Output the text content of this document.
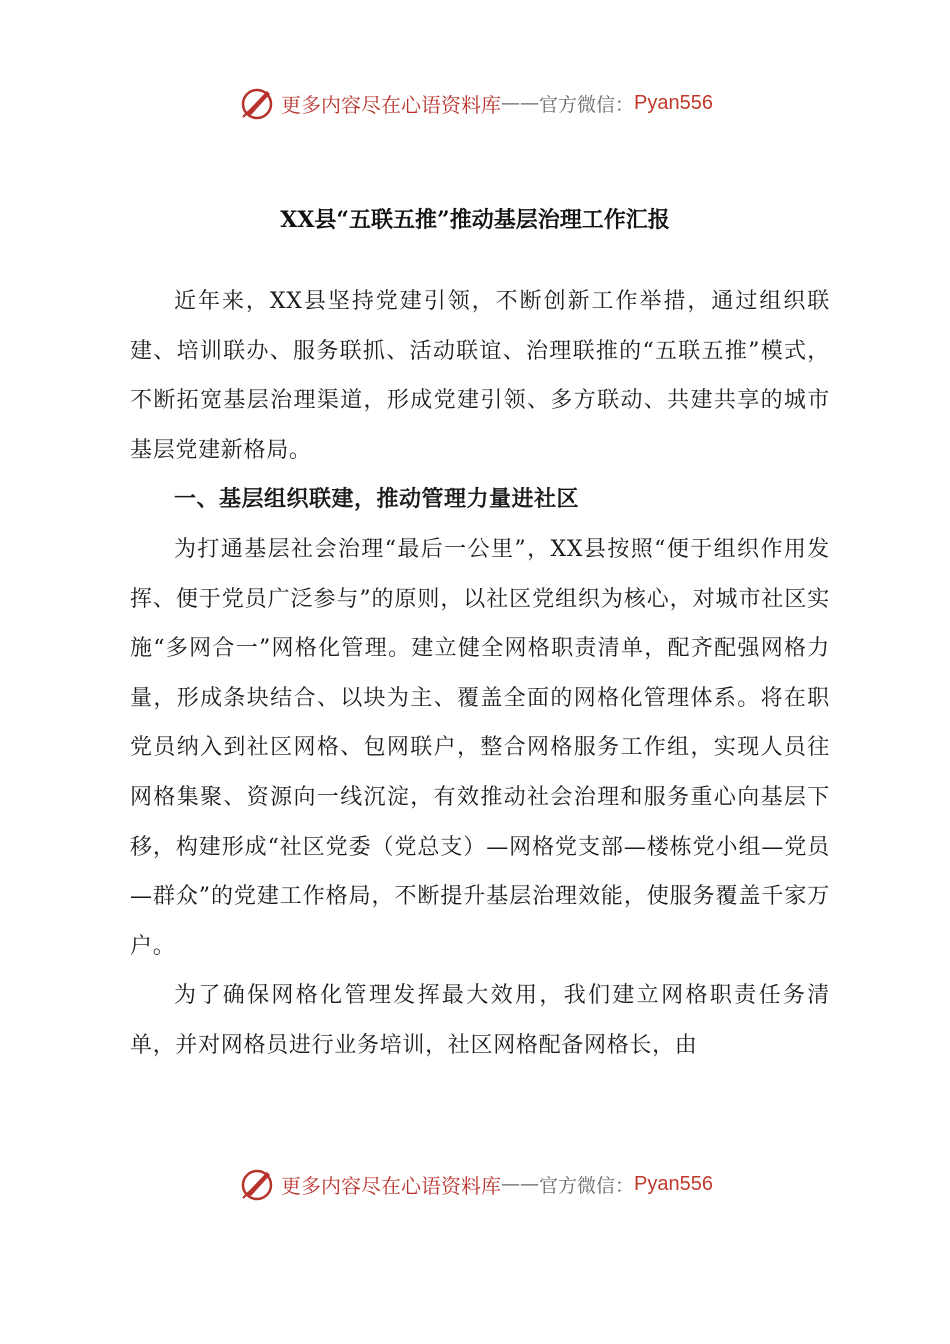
更多内容尽在心语资料库 —— 官方微信： Pyan556
XX县“五联五推”推动基层治理工作汇报

近年来，XX县坚持党建引领，不断创新工作举措，通过组织联建、培训联办、服务联抓、活动联谊、治理联推的“五联五推”模式，不断拓宽基层治理渠道，形成党建引领、多方联动、共建共享的城市基层党建新格局。

一、基层组织联建，推动管理力量进社区

为打通基层社会治理“最后一公里”，XX县按照“便于组织作用发挥、便于党员广泛参与”的原则，以社区党组织为核心，对城市社区实施“多网合一”网格化管理。建立健全网格职责清单，配齐配强网格力量，形成条块结合、以块为主、覆盖全面的网格化管理体系。将在职党员纳入到社区网格、包网联户，整合网格服务工作组，实现人员往网格集聚、资源向一线沉淀，有效推动社会治理和服务重心向基层下移，构建形成“社区党委（党总支）—网格党支部—楼栋党小组—党员—群众”的党建工作格局，不断提升基层治理效能，使服务覆盖千家万户。

为了确保网格化管理发挥最大效用，我们建立网格职责任务清单，并对网格员进行业务培训，社区网格配备网格长，由

更多内容尽在心语资料库 —— 官方微信： Pyan556
